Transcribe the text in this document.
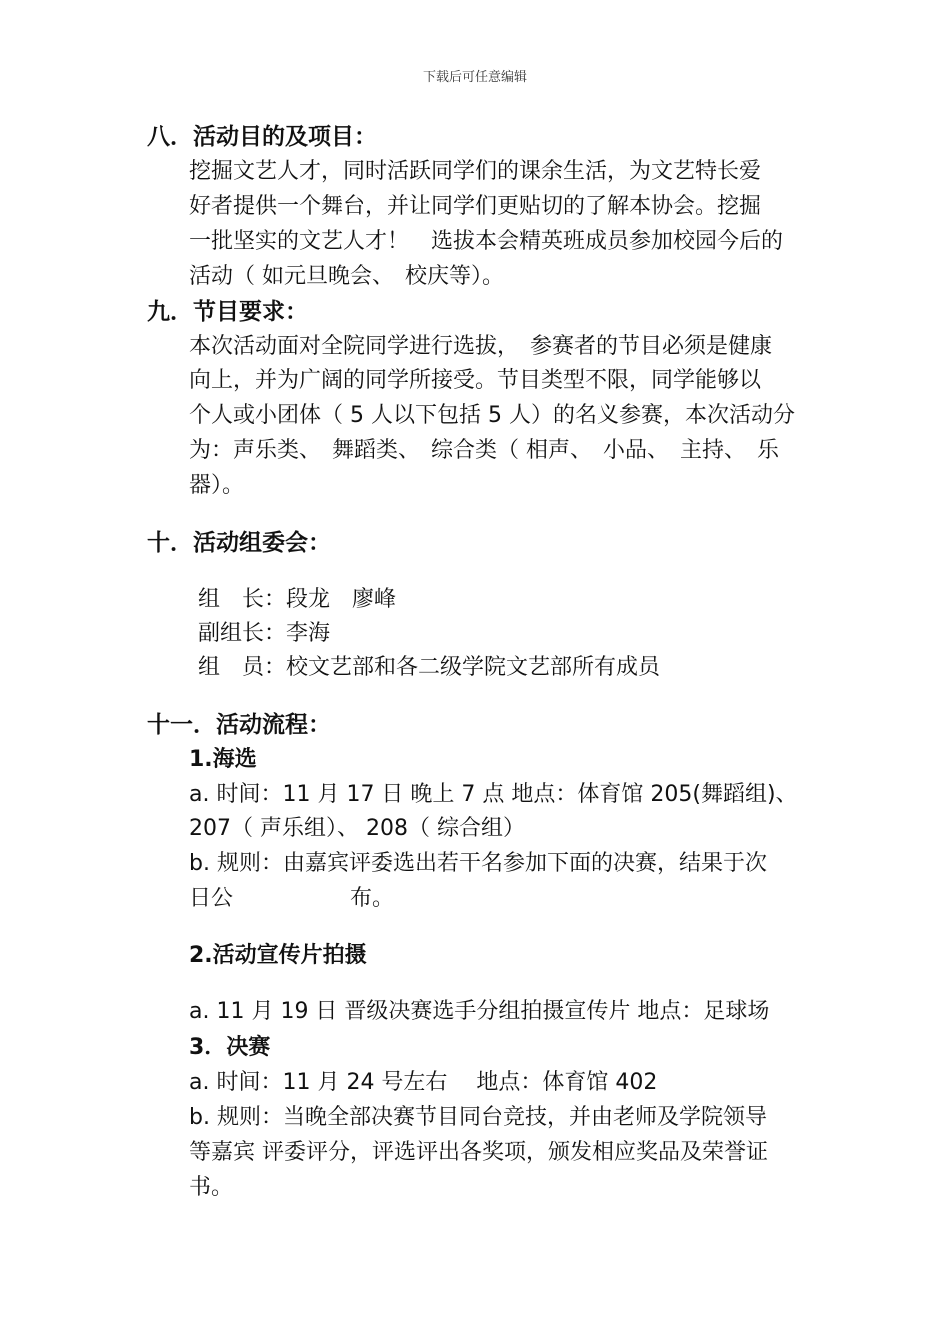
下载后可任意编辑
八．活动目的及项目：
挖掘文艺人才，同时活跃同学们的课余生活，为文艺特长爱
好者提供一个舞台，并让同学们更贴切的了解本协会。挖掘
一批坚实的文艺人才！　选拔本会精英班成员参加校园今后的
活动（ 如元旦晚会、　校庆等）。
九．节目要求：
本次活动面对全院同学进行选拔，　参赛者的节目必须是健康
向上，并为广阔的同学所接受。节目类型不限，同学能够以
个人或小团体（ 5 人以下包括 5 人）的名义参赛，本次活动分
为：声乐类、　舞蹈类、　综合类（ 相声、　小品、　主持、　乐
器）。
十．活动组委会：
组　长：段龙　廖峰
副组长：李海
组　员：校文艺部和各二级学院文艺部所有成员
十一．活动流程：
1.海选
a. 时间：11 月 17 日 晚上 7 点 地点：体育馆 205(舞蹈组)、
207（ 声乐组）、 208（ 综合组）
b. 规则：由嘉宾评委选出若干名参加下面的决赛，结果于次
日公　　　　　 布。
2.活动宣传片拍摄
a. 11 月 19 日 晋级决赛选手分组拍摄宣传片 地点：足球场
3．决赛
a. 时间：11 月 24 号左右　 地点：体育馆 402
b. 规则：当晚全部决赛节目同台竞技，并由老师及学院领导
等嘉宾 评委评分，评选评出各奖项，颁发相应奖品及荣誉证
书。
